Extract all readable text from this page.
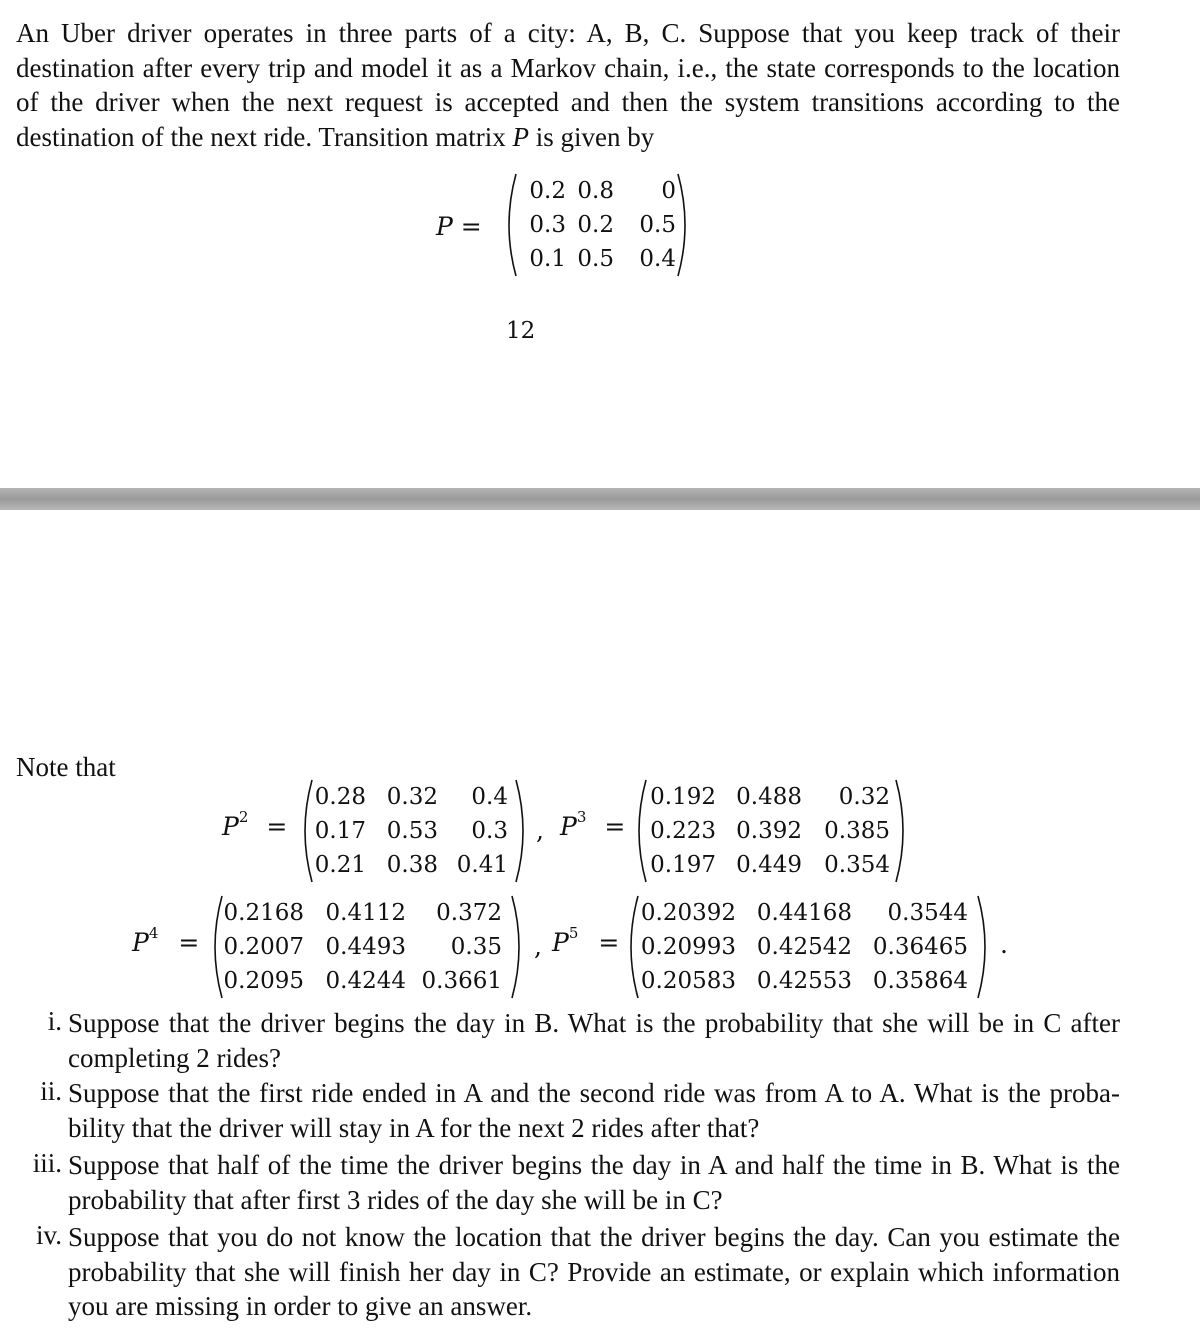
An Uber driver operates in three parts of a city: A, B, C. Suppose that you keep track of their
destination after every trip and model it as a Markov chain, i.e., the state corresponds to the location
of the driver when the next request is accepted and then the system transitions according to the
destination of the next ride. Transition matrix P is given by
P =
0.2 0.8 0
0.3 0.2 0.5
0.1 0.5 0.4
12
Note that
$P^2$ =
0.28 0.32 0.4
0.17 0.53 0.3
0.21 0.38 0.41
, $P^3$ =
0.192 0.488 0.32
0.223 0.392 0.385
0.197 0.449 0.354
$P^4$ =
0.2168 0.4112 0.372
0.2007 0.4493 0.35
0.2095 0.4244 0.3661
, $P^5$ =
0.20392 0.44168 0.3544
0.20993 0.42542 0.36465
0.20583 0.42553 0.35864
.
i. Suppose that the driver begins the day in B. What is the probability that she will be in C after
completing 2 rides?
ii. Suppose that the first ride ended in A and the second ride was from A to A. What is the proba-
bility that the driver will stay in A for the next 2 rides after that?
iii. Suppose that half of the time the driver begins the day in A and half the time in B. What is the
probability that after first 3 rides of the day she will be in C?
iv. Suppose that you do not know the location that the driver begins the day. Can you estimate the
probability that she will finish her day in C? Provide an estimate, or explain which information
you are missing in order to give an answer.
